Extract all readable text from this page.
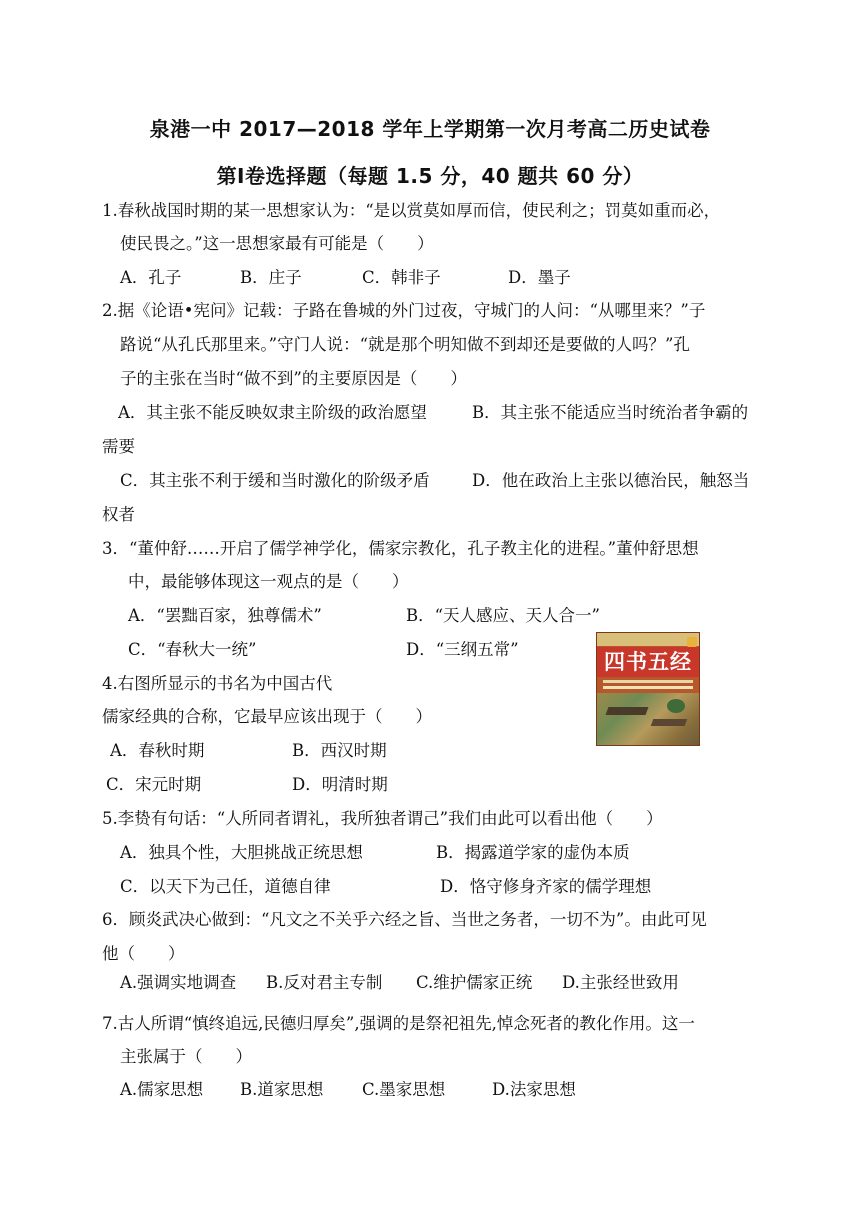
泉港一中 2017—2018 学年上学期第一次月考高二历史试卷
第Ⅰ卷选择题（每题 1.5 分，40 题共 60 分）
1.春秋战国时期的某一思想家认为：“是以赏莫如厚而信，使民利之；罚莫如重而必，
使民畏之。”这一思想家最有可能是（　　）
A．孔子	B．庄子	C．韩非子	D．墨子
2.据《论语•宪问》记载：子路在鲁城的外门过夜，守城门的人问：“从哪里来？”子
路说“从孔氏那里来。”守门人说：“就是那个明知做不到却还是要做的人吗？”孔
子的主张在当时“做不到”的主要原因是（　　）
A．其主张不能反映奴隶主阶级的政治愿望	B．其主张不能适应当时统治者争霸的
需要
C．其主张不利于缓和当时激化的阶级矛盾	D．他在政治上主张以德治民，触怒当
权者
3．“董仲舒……开启了儒学神学化，儒家宗教化，孔子教主化的进程。”董仲舒思想
中，最能够体现这一观点的是（　　）
A．“罢黜百家，独尊儒术”	B．“天人感应、天人合一”
C．“春秋大一统”	D．“三纲五常”
四书五经
4.右图所显示的书名为中国古代
儒家经典的合称，它最早应该出现于（　　）
A．春秋时期	B．西汉时期
C．宋元时期	D．明清时期
5.李贽有句话：“人所同者谓礼，我所独者谓己”我们由此可以看出他（　　）
A．独具个性，大胆挑战正统思想	B．揭露道学家的虚伪本质
C．以天下为己任，道德自律	D．恪守修身齐家的儒学理想
6．顾炎武决心做到：“凡文之不关乎六经之旨、当世之务者，一切不为”。由此可见
他（　　）
A.强调实地调查 B.反对君主专制 C.维护儒家正统 D.主张经世致用
7.古人所谓“慎终追远,民德归厚矣”,强调的是祭祀祖先,悼念死者的教化作用。这一
主张属于（　　）
A.儒家思想 B.道家思想 C.墨家思想	D.法家思想
